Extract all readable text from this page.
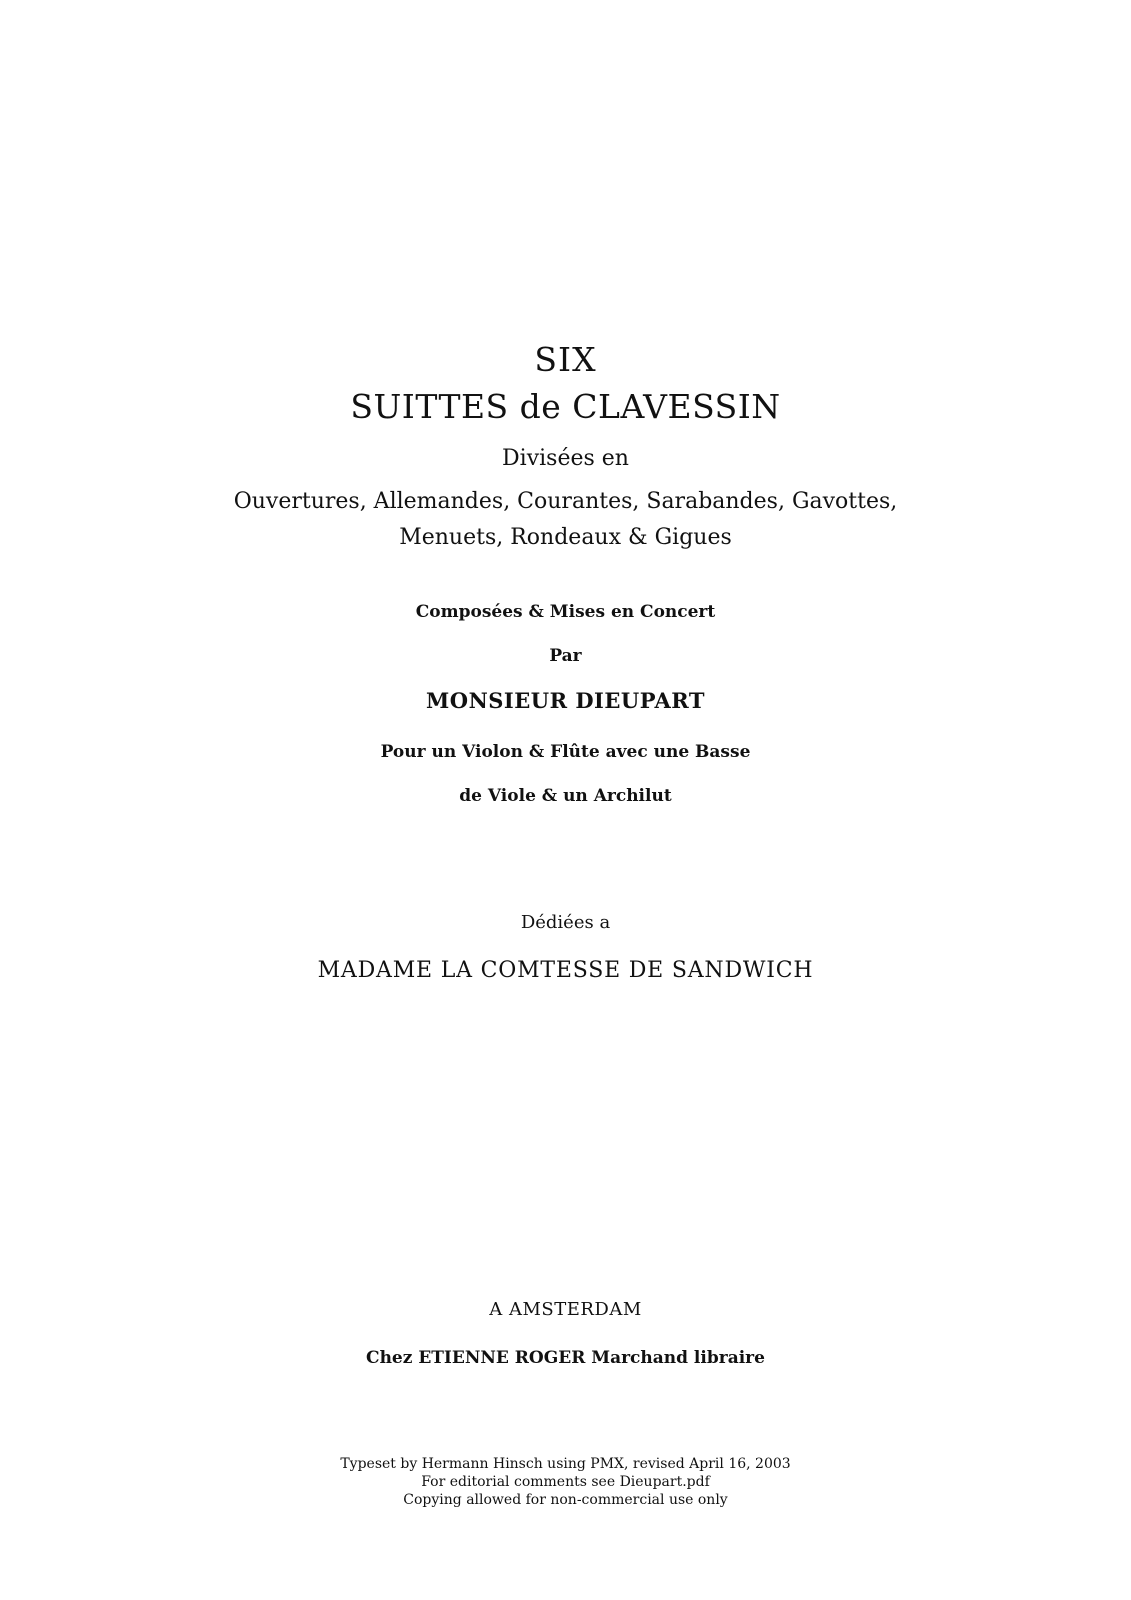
SIX
SUITTES de CLAVESSIN
Divisées en
Ouvertures, Allemandes, Courantes, Sarabandes, Gavottes,
Menuets, Rondeaux & Gigues
Composées & Mises en Concert
Par
MONSIEUR DIEUPART
Pour un Violon & Flûte avec une Basse
de Viole & un Archilut
Dédiées a
MADAME LA COMTESSE DE SANDWICH
A AMSTERDAM
Chez ETIENNE ROGER Marchand libraire
Typeset by Hermann Hinsch using PMX, revised April 16, 2003
For editorial comments see Dieupart.pdf
Copying allowed for non-commercial use only
